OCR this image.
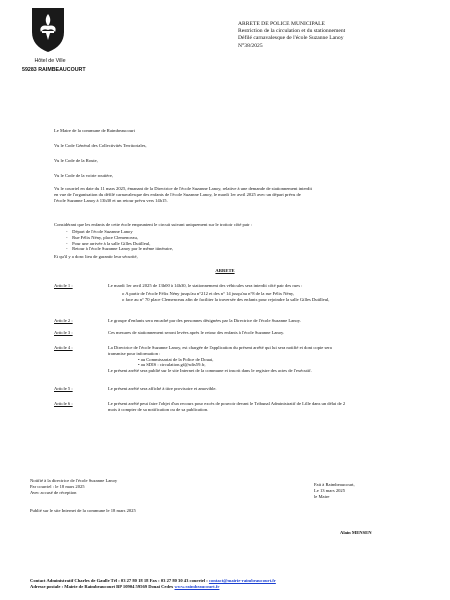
Hôtel de Ville
59283 RAIMBEAUCOURT
ARRETE DE POLICE MUNICIPALE
Restriction de la circulation et du stationnement
Défilé carnavalesque de l'école Suzanne Lanoy
N°38/2025
Le Maire de la commune de Raimbeaucourt
Vu le Code Général des Collectivités Territoriales,
Vu le Code de la Route,
Vu le Code de la voirie routière,
Vu le courriel en date du 11 mars 2025, émanant de la Directrice de l'école Suzanne Lanoy, relative à une demande de stationnement interdit
en vue de l'organisation du défilé carnavalesque des enfants de l'école Suzanne Lanoy, le mardi 1er avril 2025 avec un départ prévu de
l'école Suzanne Lanoy à 13h30 et un retour prévu vers 14h15.
Considérant que les enfants de cette école empruntent le circuit suivant uniquement sur le trottoir côté pair :
-    Départ de l'école Suzanne Lanoy
-    Rue Félix Nény, place Clemenceau,
-    Pour une arrivée à la salle Gilles Dutilleul,
-    Retour à l'école Suzanne Lanoy par le même itinéraire,
Et qu'il y a donc lieu de garantir leur sécurité,
ARRETE
Article 1 :	Le mardi 1er avril 2025 de 13h00 à 14h30, le stationnement des véhicules sera interdit côté pair des rues :
o A partir de l'école Félix Nény jusqu'au n°212 et des n° 14 jusqu'au n°8 de la rue Félix Nény,
o face au n° 70 place Clemenceau afin de faciliter la traversée des enfants pour rejoindre la salle Gilles Dutilleul,
Article 2 :	Le groupe d'enfants sera encadré par des personnes désignées par la Directrice de l'école Suzanne Lanoy.
Article 3 :	Ces mesures de stationnement seront levées après le retour des enfants à l'école Suzanne Lanoy.
Article 4 :	La Directrice de l'école Suzanne Lanoy, est chargée de l'application du présent arrêté qui lui sera notifié et dont copie sera
transmise pour information :
• au Commissariat de la Police de Douai,
• au SDIS : circulation.gf@sdis59.fr,
Le présent arrêté sera publié sur le site Internet de la commune et inscrit dans le registre des actes de l'exécutif.
Article 5 :	Le présent arrêté sera affiché à titre provisoire et amovible.
Article 6 :	Le présent arrêté peut faire l'objet d'un recours pour excès de pouvoir devant le Tribunal Administratif de Lille dans un délai de 2
mois à compter de sa notification ou de sa publication.
Notifié à la directrice de l'école Suzanne Lanoy
Par courriel : le 18 mars 2025
Avec accusé de réception
Publié sur le site Internet de la commune le 18 mars 2025
Fait à Raimbeaucourt,
Le 13 mars 2025
le Maire
Alain MENSEN
Contact Administratif Charles de Gaulle Tél : 03 27 80 18 18 Fax : 03 27 80 30 43 courriel : contact@mairie-raimbeaucourt.fr
Adresse postale : Mairie de Raimbeaucourt BP 10904 59569 Douai Cedex www.raimbeaucourt.fr
